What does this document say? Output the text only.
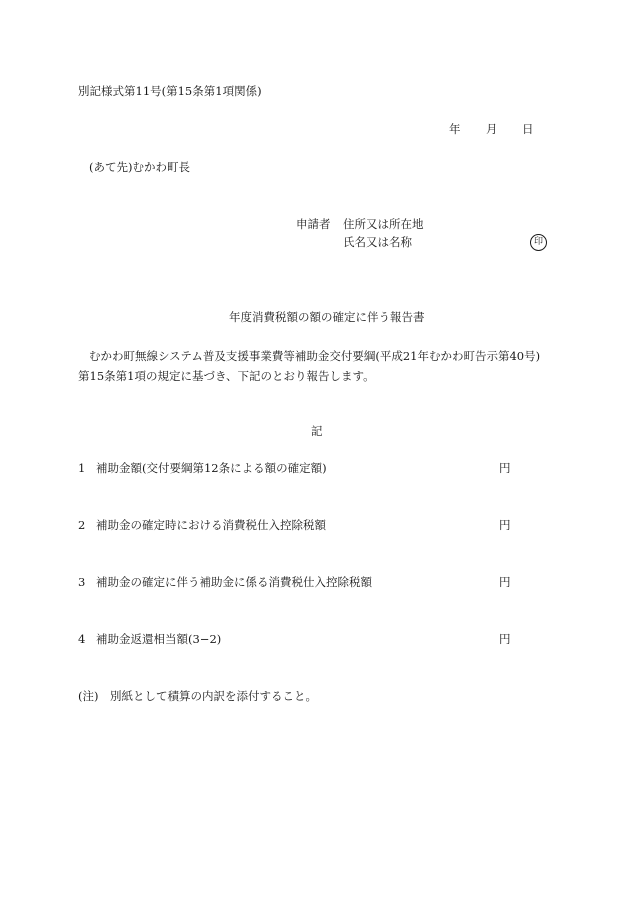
別記様式第11号(第15条第1項関係)
年 月 日
(あて先)むかわ町長
申請者 住所又は所在地
氏名又は名称	印
年度消費税額の額の確定に伴う報告書
むかわ町無線システム普及支援事業費等補助金交付要綱(平成21年むかわ町告示第40号)
第15条第1項の規定に基づき、下記のとおり報告します。
記
1 補助金額(交付要綱第12条による額の確定額)	円
2 補助金の確定時における消費税仕入控除税額	円
3 補助金の確定に伴う補助金に係る消費税仕入控除税額	円
4 補助金返還相当額(3−2)	円
(注)　別紙として積算の内訳を添付すること。
